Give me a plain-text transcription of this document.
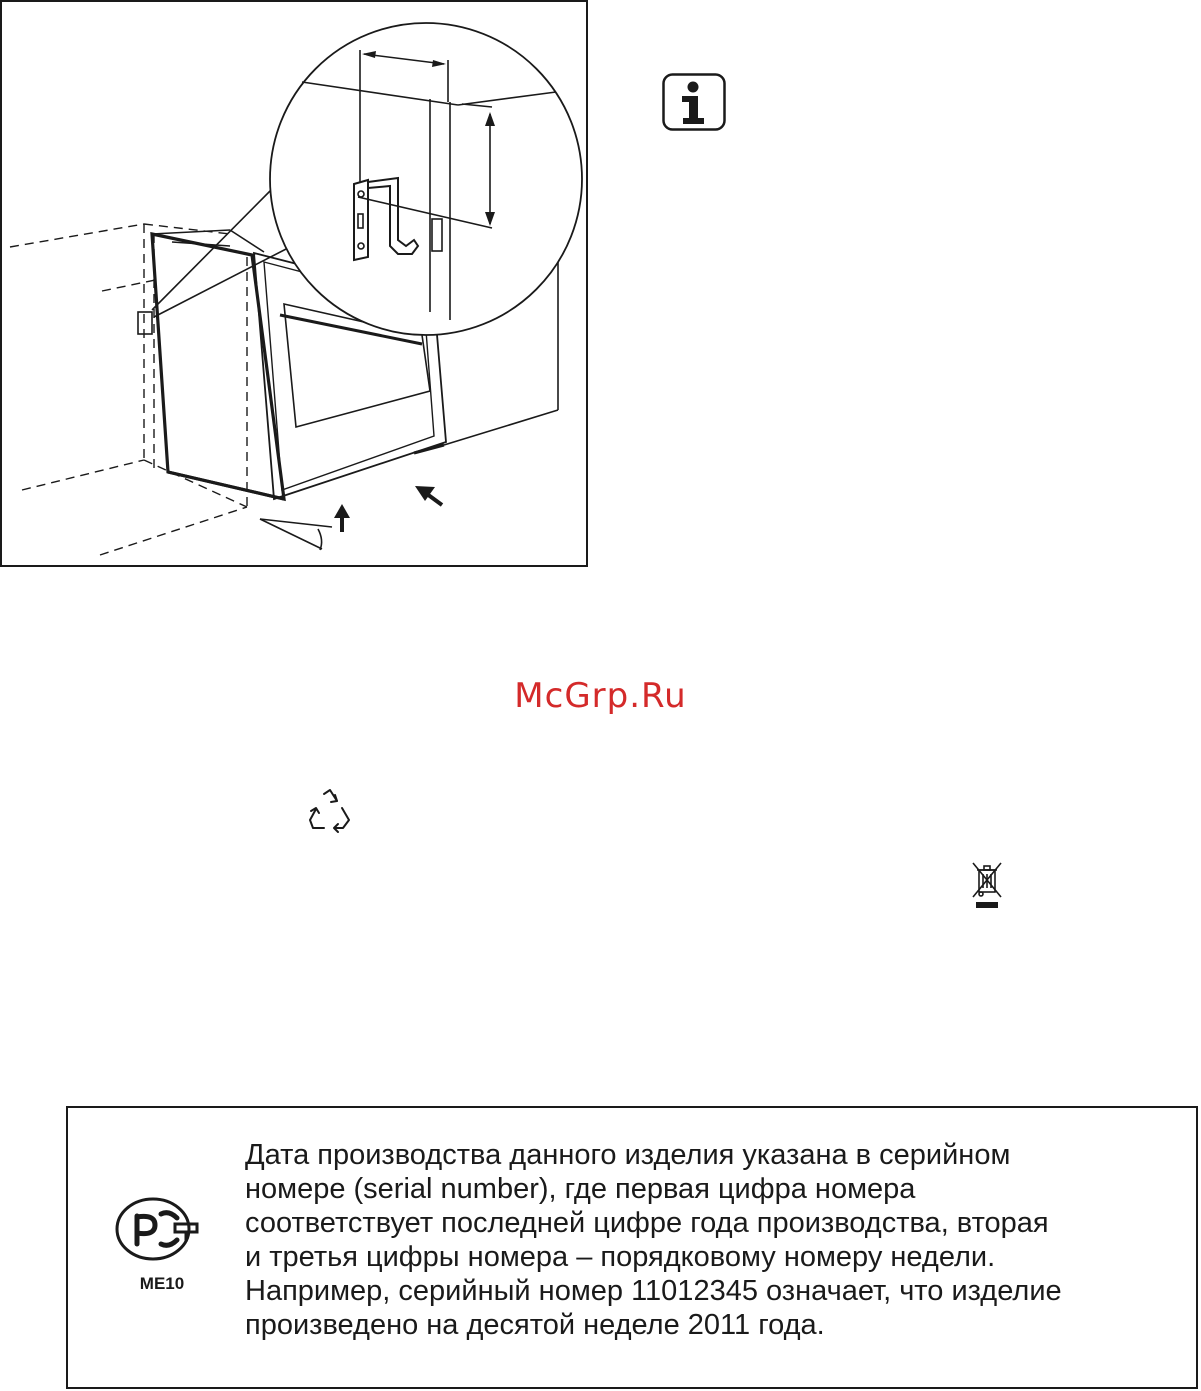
McGrp.Ru
ME10
Дата производства данного изделия указана в серийном
номере (serial number), где первая цифра номера
соответствует последней цифре года производства, вторая
и третья цифры номера – порядковому номеру недели.
Например, серийный номер 11012345 означает, что изделие
произведено на десятой неделе 2011 года.
